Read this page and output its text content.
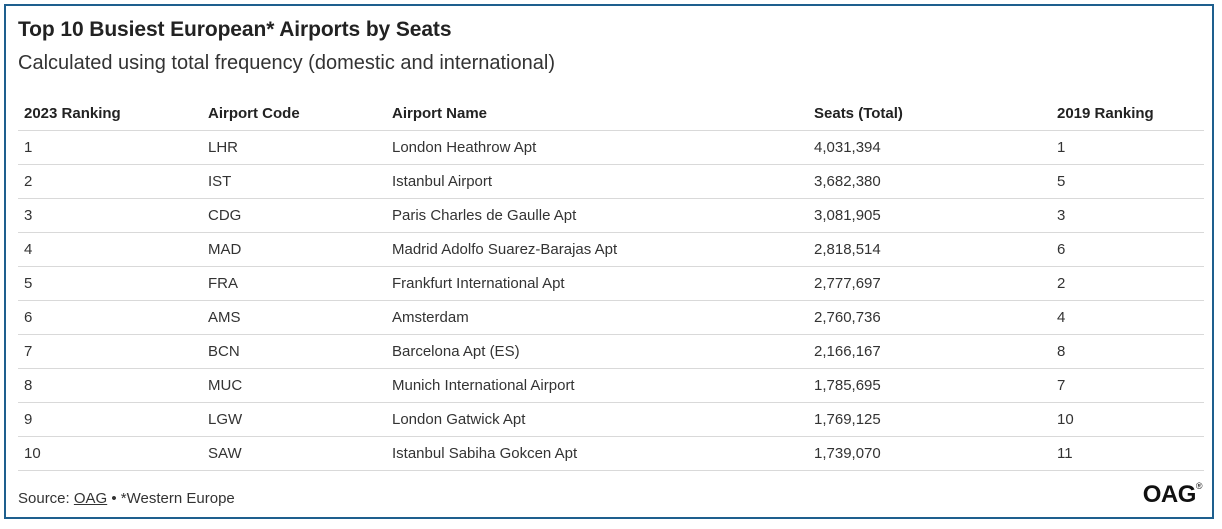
Top 10 Busiest European* Airports by Seats
Calculated using total frequency (domestic and international)
2023 Ranking	Airport Code	Airport Name	Seats (Total)	2019 Ranking
1	LHR	London Heathrow Apt	4,031,394	1
2	IST	Istanbul Airport	3,682,380	5
3	CDG	Paris Charles de Gaulle Apt	3,081,905	3
4	MAD	Madrid Adolfo Suarez-Barajas Apt	2,818,514	6
5	FRA	Frankfurt International Apt	2,777,697	2
6	AMS	Amsterdam	2,760,736	4
7	BCN	Barcelona Apt (ES)	2,166,167	8
8	MUC	Munich International Airport	1,785,695	7
9	LGW	London Gatwick Apt	1,769,125	10
10	SAW	Istanbul Sabiha Gokcen Apt	1,739,070	11
Source: OAG • *Western Europe	OAG®
